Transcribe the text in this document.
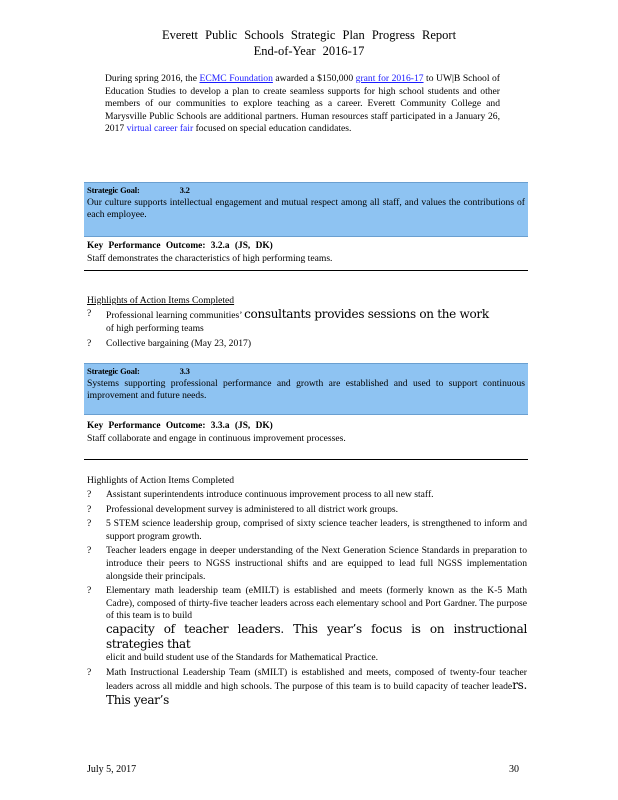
Everett Public Schools Strategic Plan Progress Report
End-of-Year 2016-17
During spring 2016, the ECMC Foundation awarded a $150,000 grant for 2016-17 to UW|B School of Education Studies to develop a plan to create seamless supports for high school students and other members of our communities to explore teaching as a career. Everett Community College and Marysville Public Schools are additional partners. Human resources staff participated in a January 26, 2017 virtual career fair focused on special education candidates.
Strategic Goal:	3.2
Our culture supports intellectual engagement and mutual respect among all staff, and values the contributions of each employee.
Key Performance Outcome: 3.2.a (JS, DK)
Staff demonstrates the characteristics of high performing teams.
Highlights of Action Items Completed
? Professional learning communities’ consultants provides sessions on the work
of high performing teams
? Collective bargaining (May 23, 2017)
Strategic Goal:	3.3
Systems supporting professional performance and growth are established and used to support continuous improvement and future needs.
Key Performance Outcome: 3.3.a (JS, DK)
Staff collaborate and engage in continuous improvement processes.
Highlights of Action Items Completed
? Assistant superintendents introduce continuous improvement process to all new staff.
? Professional development survey is administered to all district work groups.
? 5 STEM science leadership group, comprised of sixty science teacher leaders, is strengthened to inform and support program growth.
? Teacher leaders engage in deeper understanding of the Next Generation Science Standards in preparation to introduce their peers to NGSS instructional shifts and are equipped to lead full NGSS implementation alongside their principals.
? Elementary math leadership team (eMILT) is established and meets (formerly known as the K-5 Math Cadre), composed of thirty-five teacher leaders across each elementary school and Port Gardner. The purpose of this team is to build
capacity of teacher leaders. This year’s focus is on instructional strategies that
elicit and build student use of the Standards for Mathematical Practice.
? Math Instructional Leadership Team (sMILT) is established and meets, composed of twenty-four teacher leaders across all middle and high schools. The purpose of this team is to build capacity of teacher leaders. This year’s
July 5, 2017	30
